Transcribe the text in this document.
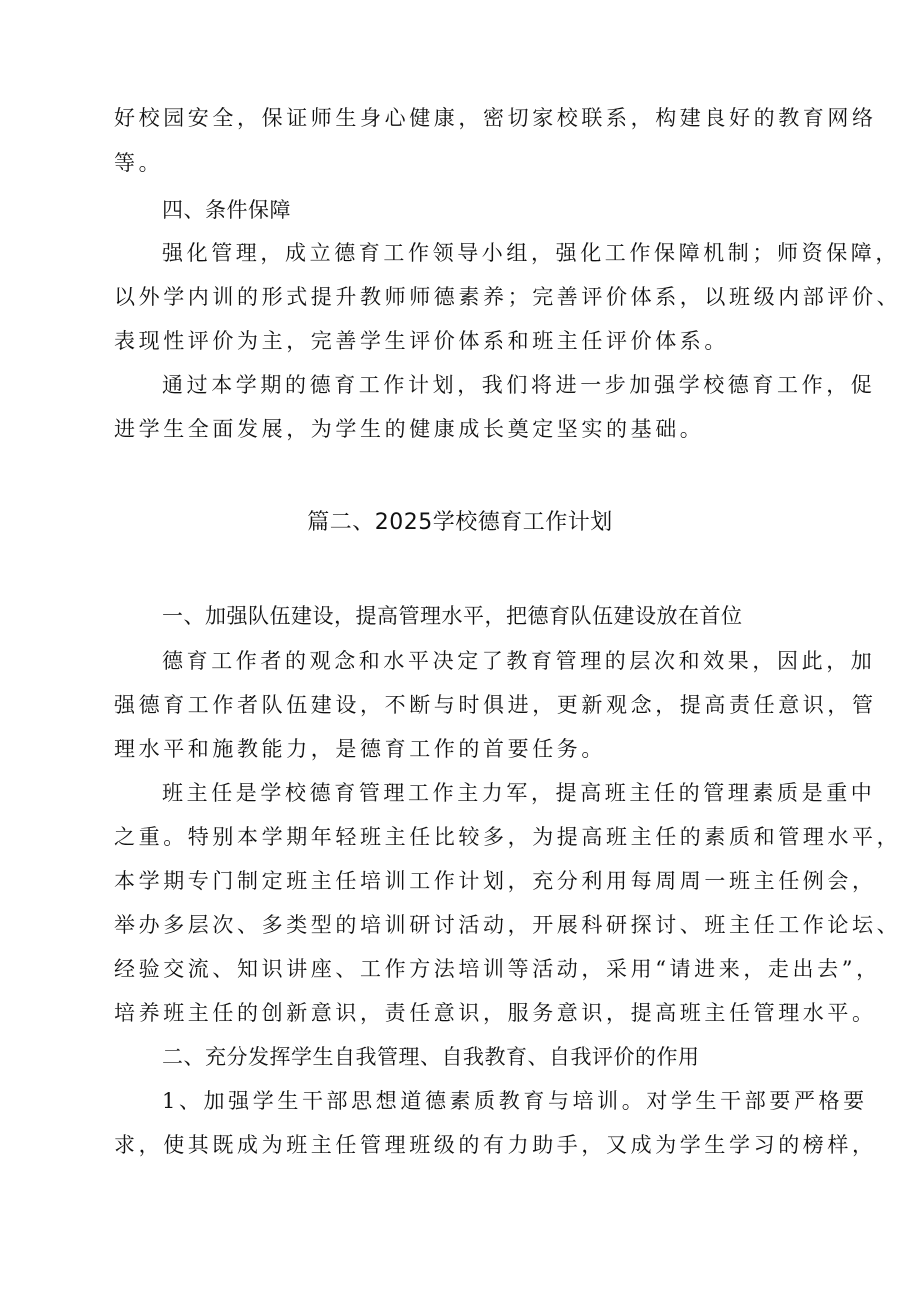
好校园安全，保证师生身心健康，密切家校联系，构建良好的教育网络
等。
四、条件保障
强化管理，成立德育工作领导小组，强化工作保障机制；师资保障，
以外学内训的形式提升教师师德素养；完善评价体系，以班级内部评价、
表现性评价为主，完善学生评价体系和班主任评价体系。
通过本学期的德育工作计划，我们将进一步加强学校德育工作，促
进学生全面发展，为学生的健康成长奠定坚实的基础。
篇二、2025学校德育工作计划
一、加强队伍建设，提高管理水平，把德育队伍建设放在首位
德育工作者的观念和水平决定了教育管理的层次和效果，因此，加
强德育工作者队伍建设，不断与时俱进，更新观念，提高责任意识，管
理水平和施教能力，是德育工作的首要任务。
班主任是学校德育管理工作主力军，提高班主任的管理素质是重中
之重。特别本学期年轻班主任比较多，为提高班主任的素质和管理水平，
本学期专门制定班主任培训工作计划，充分利用每周周一班主任例会，
举办多层次、多类型的培训研讨活动，开展科研探讨、班主任工作论坛、
经验交流、知识讲座、工作方法培训等活动，采用“请进来，走出去”，
培养班主任的创新意识，责任意识，服务意识，提高班主任管理水平。
二、充分发挥学生自我管理、自我教育、自我评价的作用
1、加强学生干部思想道德素质教育与培训。对学生干部要严格要
求，使其既成为班主任管理班级的有力助手，又成为学生学习的榜样，
